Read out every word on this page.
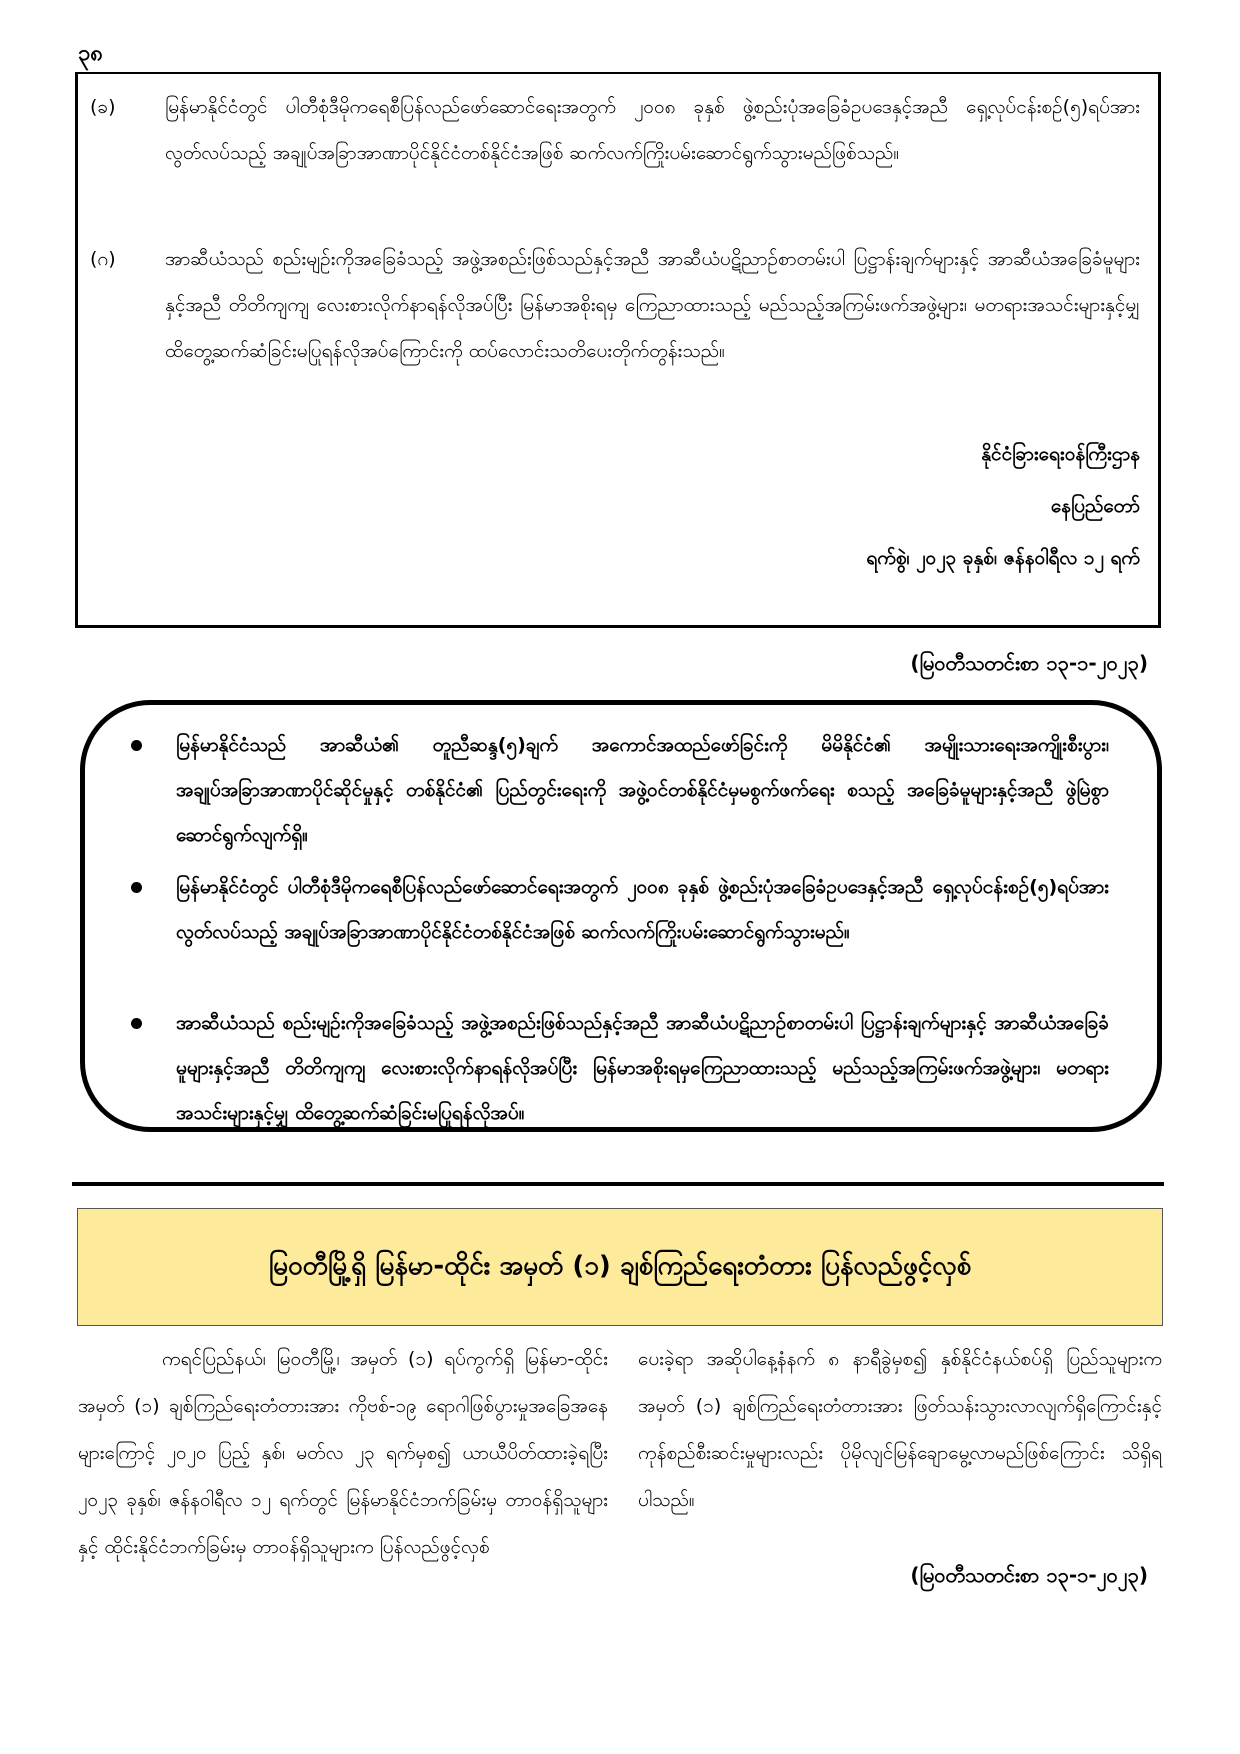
၃၈
(ခ)	မြန်မာနိုင်ငံတွင် ပါတီစုံဒီမိုကရေစီပြန်လည်ဖော်ဆောင်ရေးအတွက် ၂၀၀၈ ခုနှစ် ဖွဲ့စည်းပုံအခြေခံဥပဒေနှင့်အညီ ရှေ့လုပ်ငန်းစဉ်(၅)ရပ်အား လွတ်လပ်သည့် အချုပ်အခြာအာဏာပိုင်နိုင်ငံတစ်နိုင်ငံအဖြစ် ဆက်လက်ကြိုးပမ်းဆောင်ရွက်သွားမည်ဖြစ်သည်။
(ဂ)	အာဆီယံသည် စည်းမျဉ်းကိုအခြေခံသည့် အဖွဲ့အစည်းဖြစ်သည်နှင့်အညီ အာဆီယံပဋိညာဉ်စာတမ်းပါ ပြဋ္ဌာန်းချက်များနှင့် အာဆီယံအခြေခံမူများနှင့်အညီ တိတိကျကျ လေးစားလိုက်နာရန်လိုအပ်ပြီး မြန်မာအစိုးရမှ ကြေညာထားသည့် မည်သည့်အကြမ်းဖက်အဖွဲ့များ၊ မတရားအသင်းများနှင့်မျှ ထိတွေ့ဆက်ဆံခြင်းမပြုရန်လိုအပ်ကြောင်းကို ထပ်လောင်းသတိပေးတိုက်တွန်းသည်။
နိုင်ငံခြားရေးဝန်ကြီးဌာန
နေပြည်တော်
ရက်စွဲ၊ ၂၀၂၃ ခုနှစ်၊ ဇန်နဝါရီလ ၁၂ ရက်
(မြဝတီသတင်းစာ ၁၃-၁-၂၀၂၃)
မြန်မာနိုင်ငံသည် အာဆီယံ၏ တူညီဆန္ဒ(၅)ချက် အကောင်အထည်ဖော်ခြင်းကို မိမိနိုင်ငံ၏ အမျိုးသားရေးအကျိုးစီးပွား၊ အချုပ်အခြာအာဏာပိုင်ဆိုင်မှုနှင့် တစ်နိုင်ငံ၏ ပြည်တွင်းရေးကို အဖွဲ့ဝင်တစ်နိုင်ငံမှမစွက်ဖက်ရေး စသည့် အခြေခံမူများနှင့်အညီ ဖွဲမြဲစွာ ဆောင်ရွက်လျက်ရှိ။
မြန်မာနိုင်ငံတွင် ပါတီစုံဒီမိုကရေစီပြန်လည်ဖော်ဆောင်ရေးအတွက် ၂၀၀၈ ခုနှစ် ဖွဲ့စည်းပုံအခြေခံဥပဒေနှင့်အညီ ရှေ့လုပ်ငန်းစဉ်(၅)ရပ်အား လွတ်လပ်သည့် အချုပ်အခြာအာဏာပိုင်နိုင်ငံတစ်နိုင်ငံအဖြစ် ဆက်လက်ကြိုးပမ်းဆောင်ရွက်သွားမည်။
အာဆီယံသည် စည်းမျဉ်းကိုအခြေခံသည့် အဖွဲ့အစည်းဖြစ်သည်နှင့်အညီ အာဆီယံပဋိညာဉ်စာတမ်းပါ ပြဋ္ဌာန်းချက်များနှင့် အာဆီယံအခြေခံမူများနှင့်အညီ တိတိကျကျ လေးစားလိုက်နာရန်လိုအပ်ပြီး မြန်မာအစိုးရမှကြေညာထားသည့် မည်သည့်အကြမ်းဖက်အဖွဲ့များ၊ မတရားအသင်းများနှင့်မျှ ထိတွေ့ဆက်ဆံခြင်းမပြုရန်လိုအပ်။
မြဝတီမြို့ရှိ မြန်မာ-ထိုင်း အမှတ် (၁) ချစ်ကြည်ရေးတံတား ပြန်လည်ဖွင့်လှစ်
ကရင်ပြည်နယ်၊ မြဝတီမြို့၊ အမှတ် (၁) ရပ်ကွက်ရှိ မြန်မာ-ထိုင်း အမှတ် (၁) ချစ်ကြည်ရေးတံတားအား ကိုဗစ်-၁၉ ရောဂါဖြစ်ပွားမှုအခြေအနေများကြောင့် ၂၀၂၀ ပြည့် နှစ်၊ မတ်လ ၂၃ ရက်မှစ၍ ယာယီပိတ်ထားခဲ့ရပြီး ၂၀၂၃ ခုနှစ်၊ ဇန်နဝါရီလ ၁၂ ရက်တွင် မြန်မာနိုင်ငံဘက်ခြမ်းမှ တာဝန်ရှိသူများနှင့် ထိုင်းနိုင်ငံဘက်ခြမ်းမှ တာဝန်ရှိသူများက ပြန်လည်ဖွင့်လှစ်
ပေးခဲ့ရာ အဆိုပါနေ့နံနက် ၈ နာရီခွဲမှစ၍ နှစ်နိုင်ငံနယ်စပ်ရှိ ပြည်သူများက အမှတ် (၁) ချစ်ကြည်ရေးတံတားအား ဖြတ်သန်းသွားလာလျက်ရှိကြောင်းနှင့် ကုန်စည်စီးဆင်းမှုများလည်း ပိုမိုလျင်မြန်ချောမွေ့လာမည်ဖြစ်ကြောင်း သိရှိရပါသည်။
(မြဝတီသတင်းစာ ၁၃-၁-၂၀၂၃)
